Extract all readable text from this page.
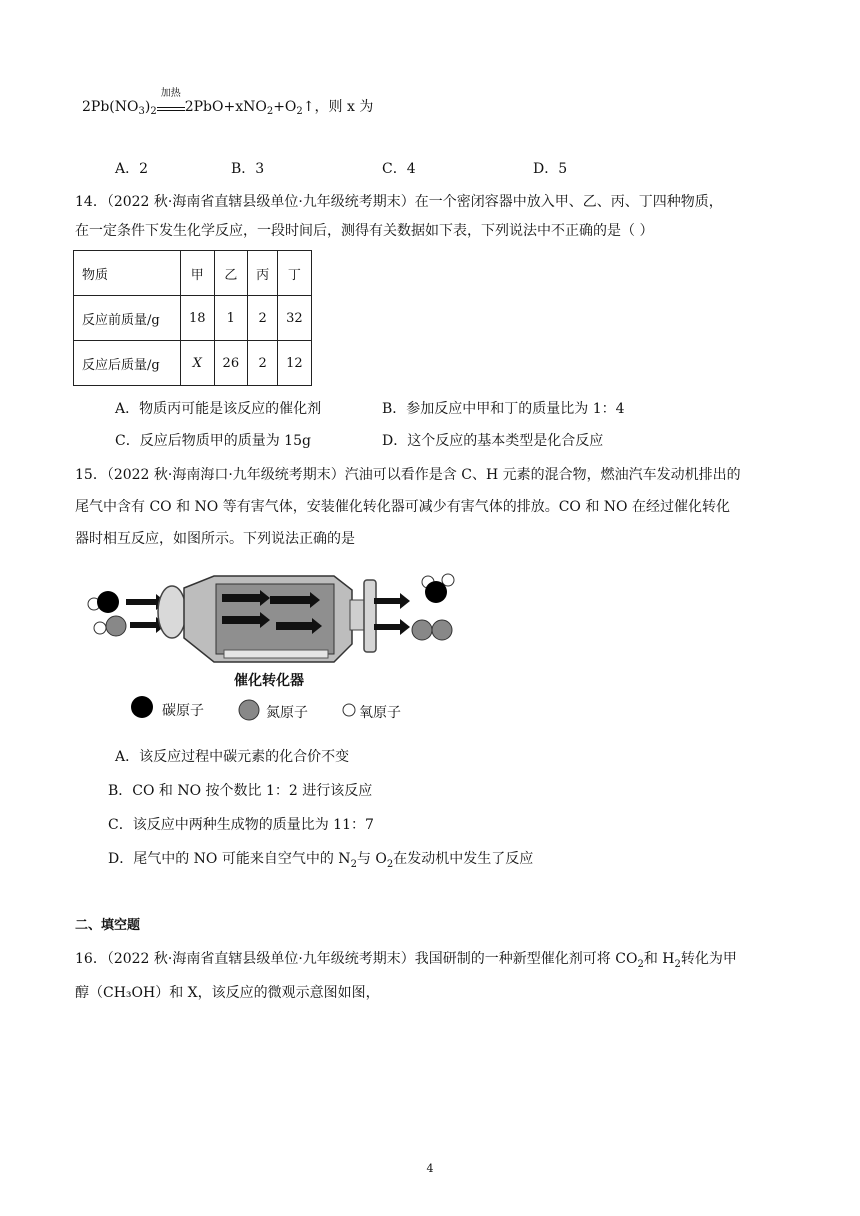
$2Pb(NO_3)_2$
加热
$2PbO+xNO_2+O_2↑$，则 x 为
A．2	B．3	C．4	D．5
14．（2022 秋·海南省直辖县级单位·九年级统考期末）在一个密闭容器中放入甲、乙、丙、丁四种物质，
在一定条件下发生化学反应，一段时间后，测得有关数据如下表，下列说法中不正确的是（ ）
物质	甲	乙	丙	丁
反应前质量/g	18	1	2	32
反应后质量/g	X	26	2	12
A．物质丙可能是该反应的催化剂	B．参加反应中甲和丁的质量比为 1：4
C．反应后物质甲的质量为 15g	D．这个反应的基本类型是化合反应
15．（2022 秋·海南海口·九年级统考期末）汽油可以看作是含 C、H 元素的混合物，燃油汽车发动机排出的
尾气中含有 CO 和 NO 等有害气体，安装催化转化器可减少有害气体的排放。CO 和 NO 在经过催化转化
器时相互反应，如图所示。下列说法正确的是
催化转化器
碳原子	氮原子	氧原子
A．该反应过程中碳元素的化合价不变
B．CO 和 NO 按个数比 1：2 进行该反应
C．该反应中两种生成物的质量比为 11：7
D．尾气中的 NO 可能来自空气中的 $N_2$与 $O_2$在发动机中发生了反应
二、填空题
16．（2022 秋·海南省直辖县级单位·九年级统考期末）我国研制的一种新型催化剂可将 $CO_2$和 $H_2$转化为甲
醇（CH₃OH）和 X，该反应的微观示意图如图，
4
